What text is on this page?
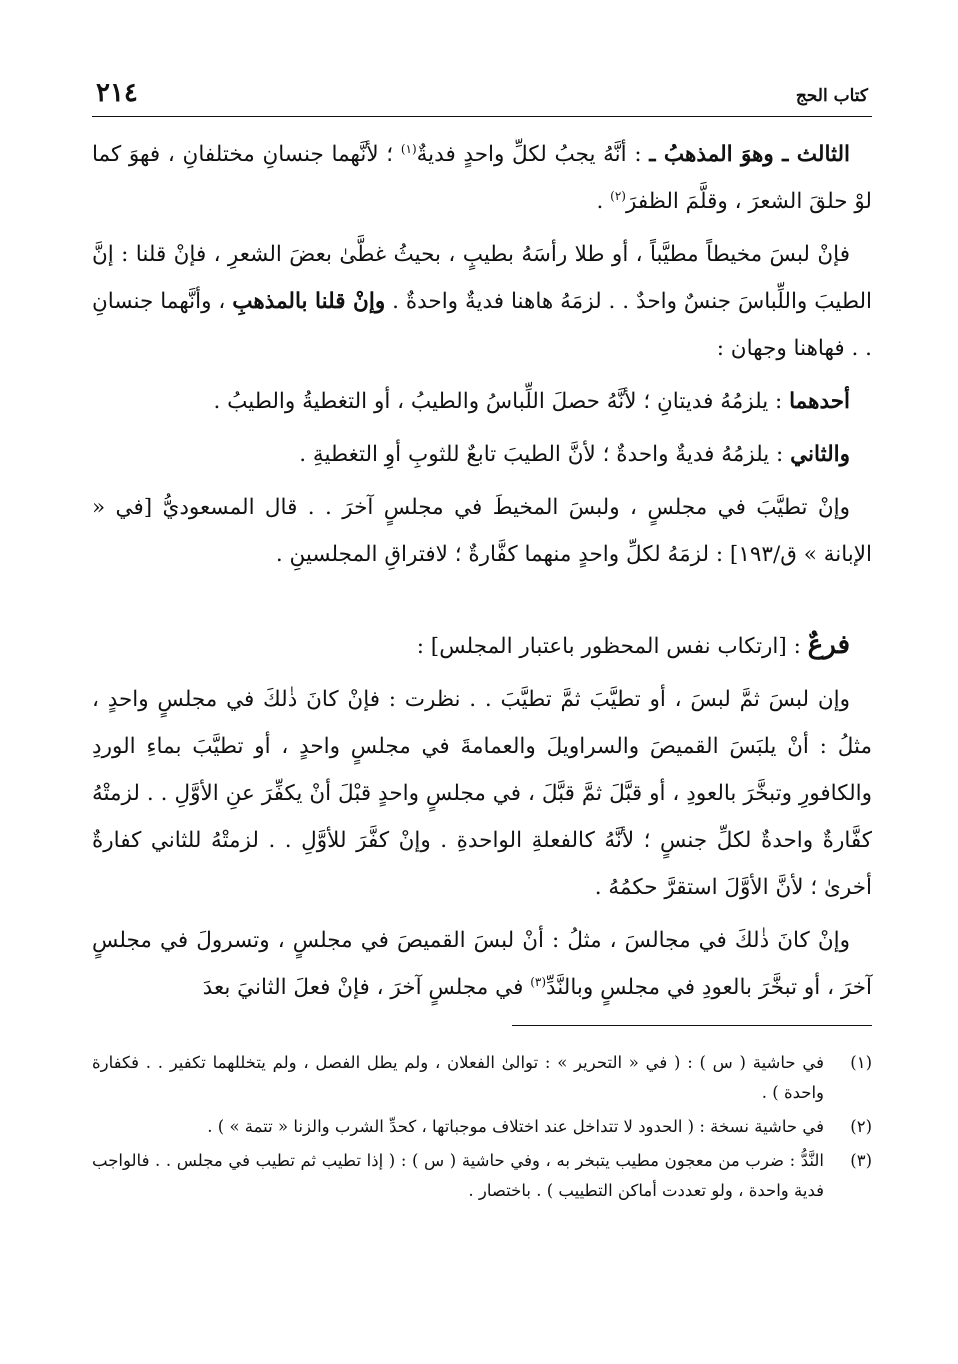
كتاب الحج
٢١٤

الثالث ـ وهوَ المذهبُ ـ : أنَّهُ يجبُ لكلِّ واحدٍ فديةٌ$^{(١)}$ ؛ لأنَّهما جنسانِ مختلفانِ ، فهوَ كما لوْ حلقَ الشعرَ ، وقلَّمَ الظفرَ$^{(٢)}$ .

فإنْ لبسَ مخيطاً مطيَّباً ، أو طلا رأسَهُ بطيبٍ ، بحيثُ غطَّىٰ بعضَ الشعرِ ، فإنْ قلنا : إنَّ الطيبَ واللِّباسَ جنسٌ واحدٌ . . لزمَهُ هاهنا فديةٌ واحدةٌ . وإنْ قلنا بالمذهبِ ، وأنَّهما جنسانِ . . فهاهنا وجهان :

أحدهما : يلزمُهُ فديتانِ ؛ لأنَّهُ حصلَ اللِّباسُ والطيبُ ، أو التغطيةُ والطيبُ .

والثاني : يلزمُهُ فديةٌ واحدةٌ ؛ لأنَّ الطيبَ تابعٌ للثوبِ أوِ التغطيةِ .

وإنْ تطيَّبَ في مجلسٍ ، ولبسَ المخيطَ في مجلسٍ آخرَ . . قال المسعوديُّ [في « الإبانة » ق/١٩٣] : لزمَهُ لكلِّ واحدٍ منهما كفَّارةٌ ؛ لافتراقِ المجلسينِ .

فرعٌ : [ارتكاب نفس المحظور باعتبار المجلس] :

وإن لبسَ ثمَّ لبسَ ، أو تطيَّبَ ثمَّ تطيَّبَ . . نظرت : فإنْ كانَ ذٰلكَ في مجلسٍ واحدٍ ، مثلُ : أنْ يلبَسَ القميصَ والسراويلَ والعمامةَ في مجلسٍ واحدٍ ، أو تطيَّبَ بماءِ الوردِ والكافورِ وتبخَّرَ بالعودِ ، أو قبَّلَ ثمَّ قبَّلَ ، في مجلسٍ واحدٍ قبْلَ أنْ يكفِّرَ عنِ الأوَّلِ . . لزمتْهُ كفَّارةٌ واحدةٌ لكلِّ جنسٍ ؛ لأنَّهُ كالفعلةِ الواحدةِ . وإنْ كفَّرَ للأوَّلِ . . لزمتْهُ للثاني كفارةٌ أخرىٰ ؛ لأنَّ الأوَّلَ استقرَّ حكمُهُ .

وإنْ كانَ ذٰلكَ في مجالسَ ، مثلُ : أنْ لبسَ القميصَ في مجلسٍ ، وتسرولَ في مجلسٍ آخرَ ، أو تبخَّرَ بالعودِ في مجلسٍ وبالنَّدِّ$^{(٣)}$ في مجلسٍ آخرَ ، فإنْ فعلَ الثانيَ بعدَ

(١)
في حاشية ( س ) : ( في « التحرير » : توالىٰ الفعلان ، ولم يطل الفصل ، ولم يتخللهما تكفير . . فكفارة واحدة ) .
(٢)
في حاشية نسخة : ( الحدود لا تتداخل عند اختلاف موجباتها ، كحدِّ الشرب والزنا « تتمة » ) .
(٣)
النَّدُّ : ضرب من معجون مطيب يتبخر به ، وفي حاشية ( س ) : ( إذا تطيب ثم تطيب في مجلس . . فالواجب فدية واحدة ، ولو تعددت أماكن التطييب ) . باختصار .
